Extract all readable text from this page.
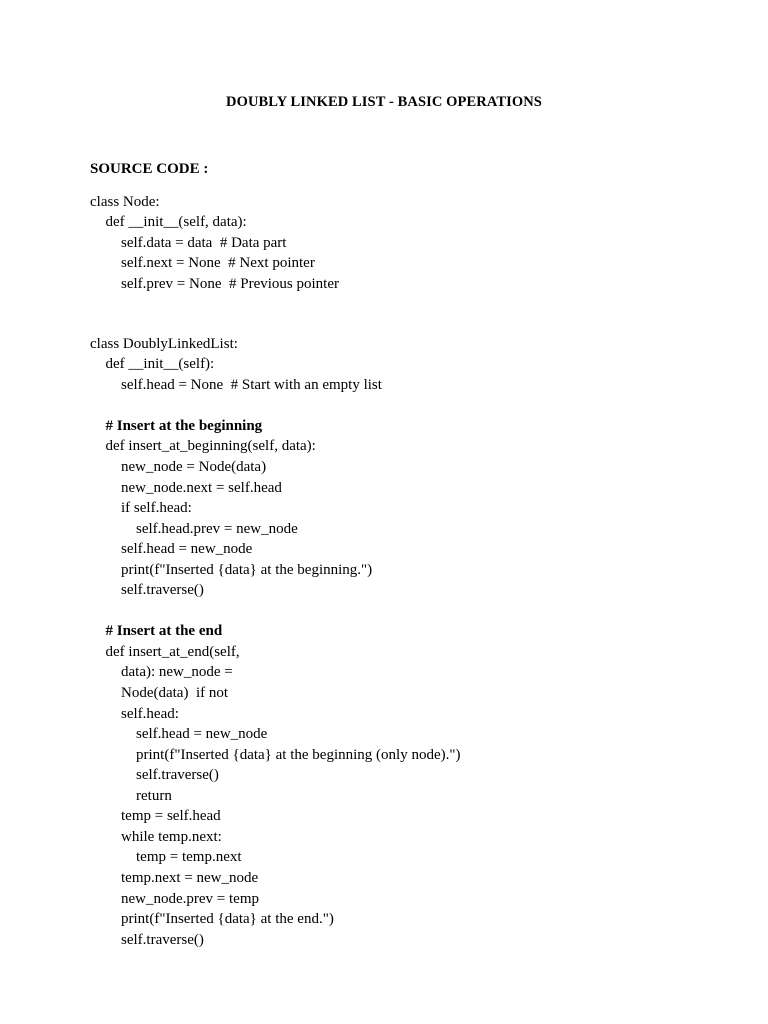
DOUBLY LINKED LIST - BASIC OPERATIONS
SOURCE CODE :
class Node:
def __init__(self, data):
self.data = data  # Data part
self.next = None  # Next pointer
self.prev = None  # Previous pointer
class DoublyLinkedList:
def __init__(self):
self.head = None  # Start with an empty list
# Insert at the beginning
def insert_at_beginning(self, data):
new_node = Node(data)
new_node.next = self.head
if self.head:
self.head.prev = new_node
self.head = new_node
print(f"Inserted {data} at the beginning.")
self.traverse()
# Insert at the end
def insert_at_end(self,
data): new_node =
Node(data)  if not
self.head:
self.head = new_node
print(f"Inserted {data} at the beginning (only node).")
self.traverse()
return
temp = self.head
while temp.next:
temp = temp.next
temp.next = new_node
new_node.prev = temp
print(f"Inserted {data} at the end.")
self.traverse()
